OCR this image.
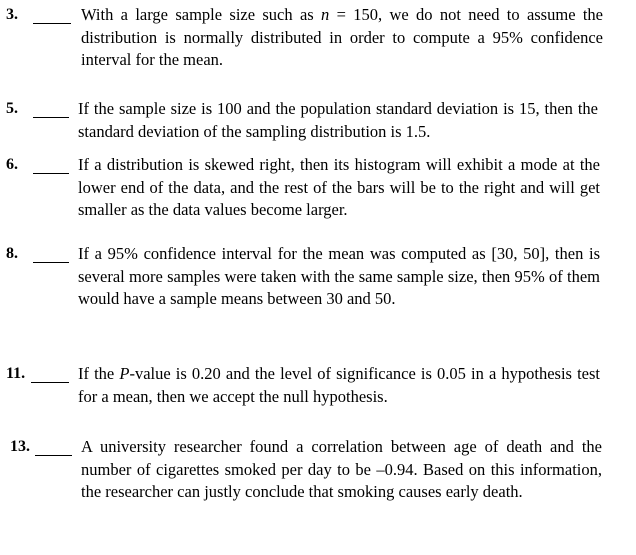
3.	With a large sample size such as n = 150, we do not need to assume the distribution is normally distributed in order to compute a 95% confidence interval for the mean.
5.	If the sample size is 100 and the population standard deviation is 15, then the standard deviation of the sampling distribution is 1.5.
6.	If a distribution is skewed right, then its histogram will exhibit a mode at the lower end of the data, and the rest of the bars will be to the right and will get smaller as the data values become larger.
8.	If a 95% confidence interval for the mean was computed as [30, 50], then is several more samples were taken with the same sample size, then 95% of them would have a sample means between 30 and 50.
11.	If the P-value is 0.20 and the level of significance is 0.05 in a hypothesis test for a mean, then we accept the null hypothesis.
13.	A university researcher found a correlation between age of death and the number of cigarettes smoked per day to be –0.94. Based on this information, the researcher can justly conclude that smoking causes early death.
